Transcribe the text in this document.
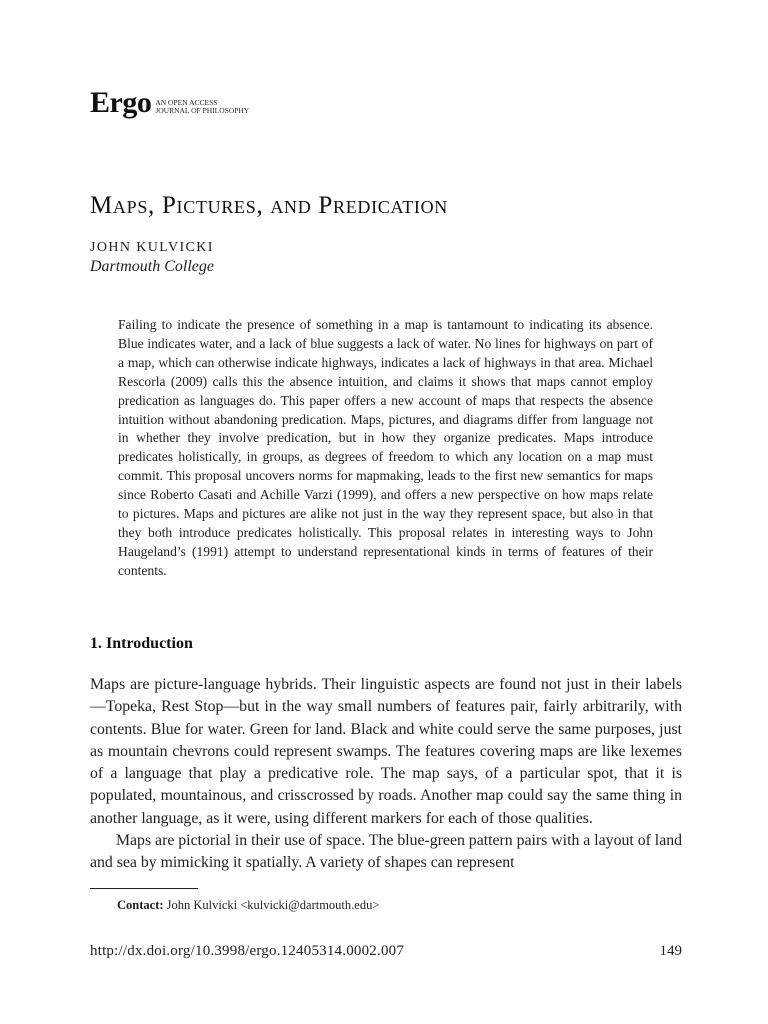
Ergo AN OPEN ACCESS
JOURNAL OF PHILOSOPHY
Maps, Pictures, and Predication
JOHN KULVICKI
Dartmouth College

Failing to indicate the presence of something in a map is tantamount to indicating its absence. Blue indicates water, and a lack of blue suggests a lack of water. No lines for highways on part of a map, which can otherwise indicate highways, indicates a lack of highways in that area. Michael Rescorla (2009) calls this the absence intuition, and claims it shows that maps cannot employ predication as languages do. This paper offers a new account of maps that respects the absence intuition without abandoning predication. Maps, pictures, and diagrams differ from language not in whether they involve predication, but in how they organize predicates. Maps introduce predicates holistically, in groups, as degrees of freedom to which any location on a map must commit. This proposal uncovers norms for mapmaking, leads to the first new semantics for maps since Roberto Casati and Achille Varzi (1999), and offers a new perspective on how maps relate to pictures. Maps and pictures are alike not just in the way they represent space, but also in that they both introduce predicates holistically. This proposal relates in interesting ways to John Haugeland’s (1991) attempt to understand representational kinds in terms of features of their contents.

1. Introduction

Maps are picture-language hybrids. Their linguistic aspects are found not just in their labels—Topeka, Rest Stop—but in the way small numbers of features pair, fairly arbitrarily, with contents. Blue for water. Green for land. Black and white could serve the same purposes, just as mountain chevrons could represent swamps. The features covering maps are like lexemes of a language that play a predicative role. The map says, of a particular spot, that it is populated, mountainous, and crisscrossed by roads. Another map could say the same thing in another language, as it were, using different markers for each of those qualities.

Maps are pictorial in their use of space. The blue-green pattern pairs with a layout of land and sea by mimicking it spatially. A variety of shapes can represent

Contact: John Kulvicki <kulvicki@dartmouth.edu>
http://dx.doi.org/10.3998/ergo.12405314.0002.007	149
